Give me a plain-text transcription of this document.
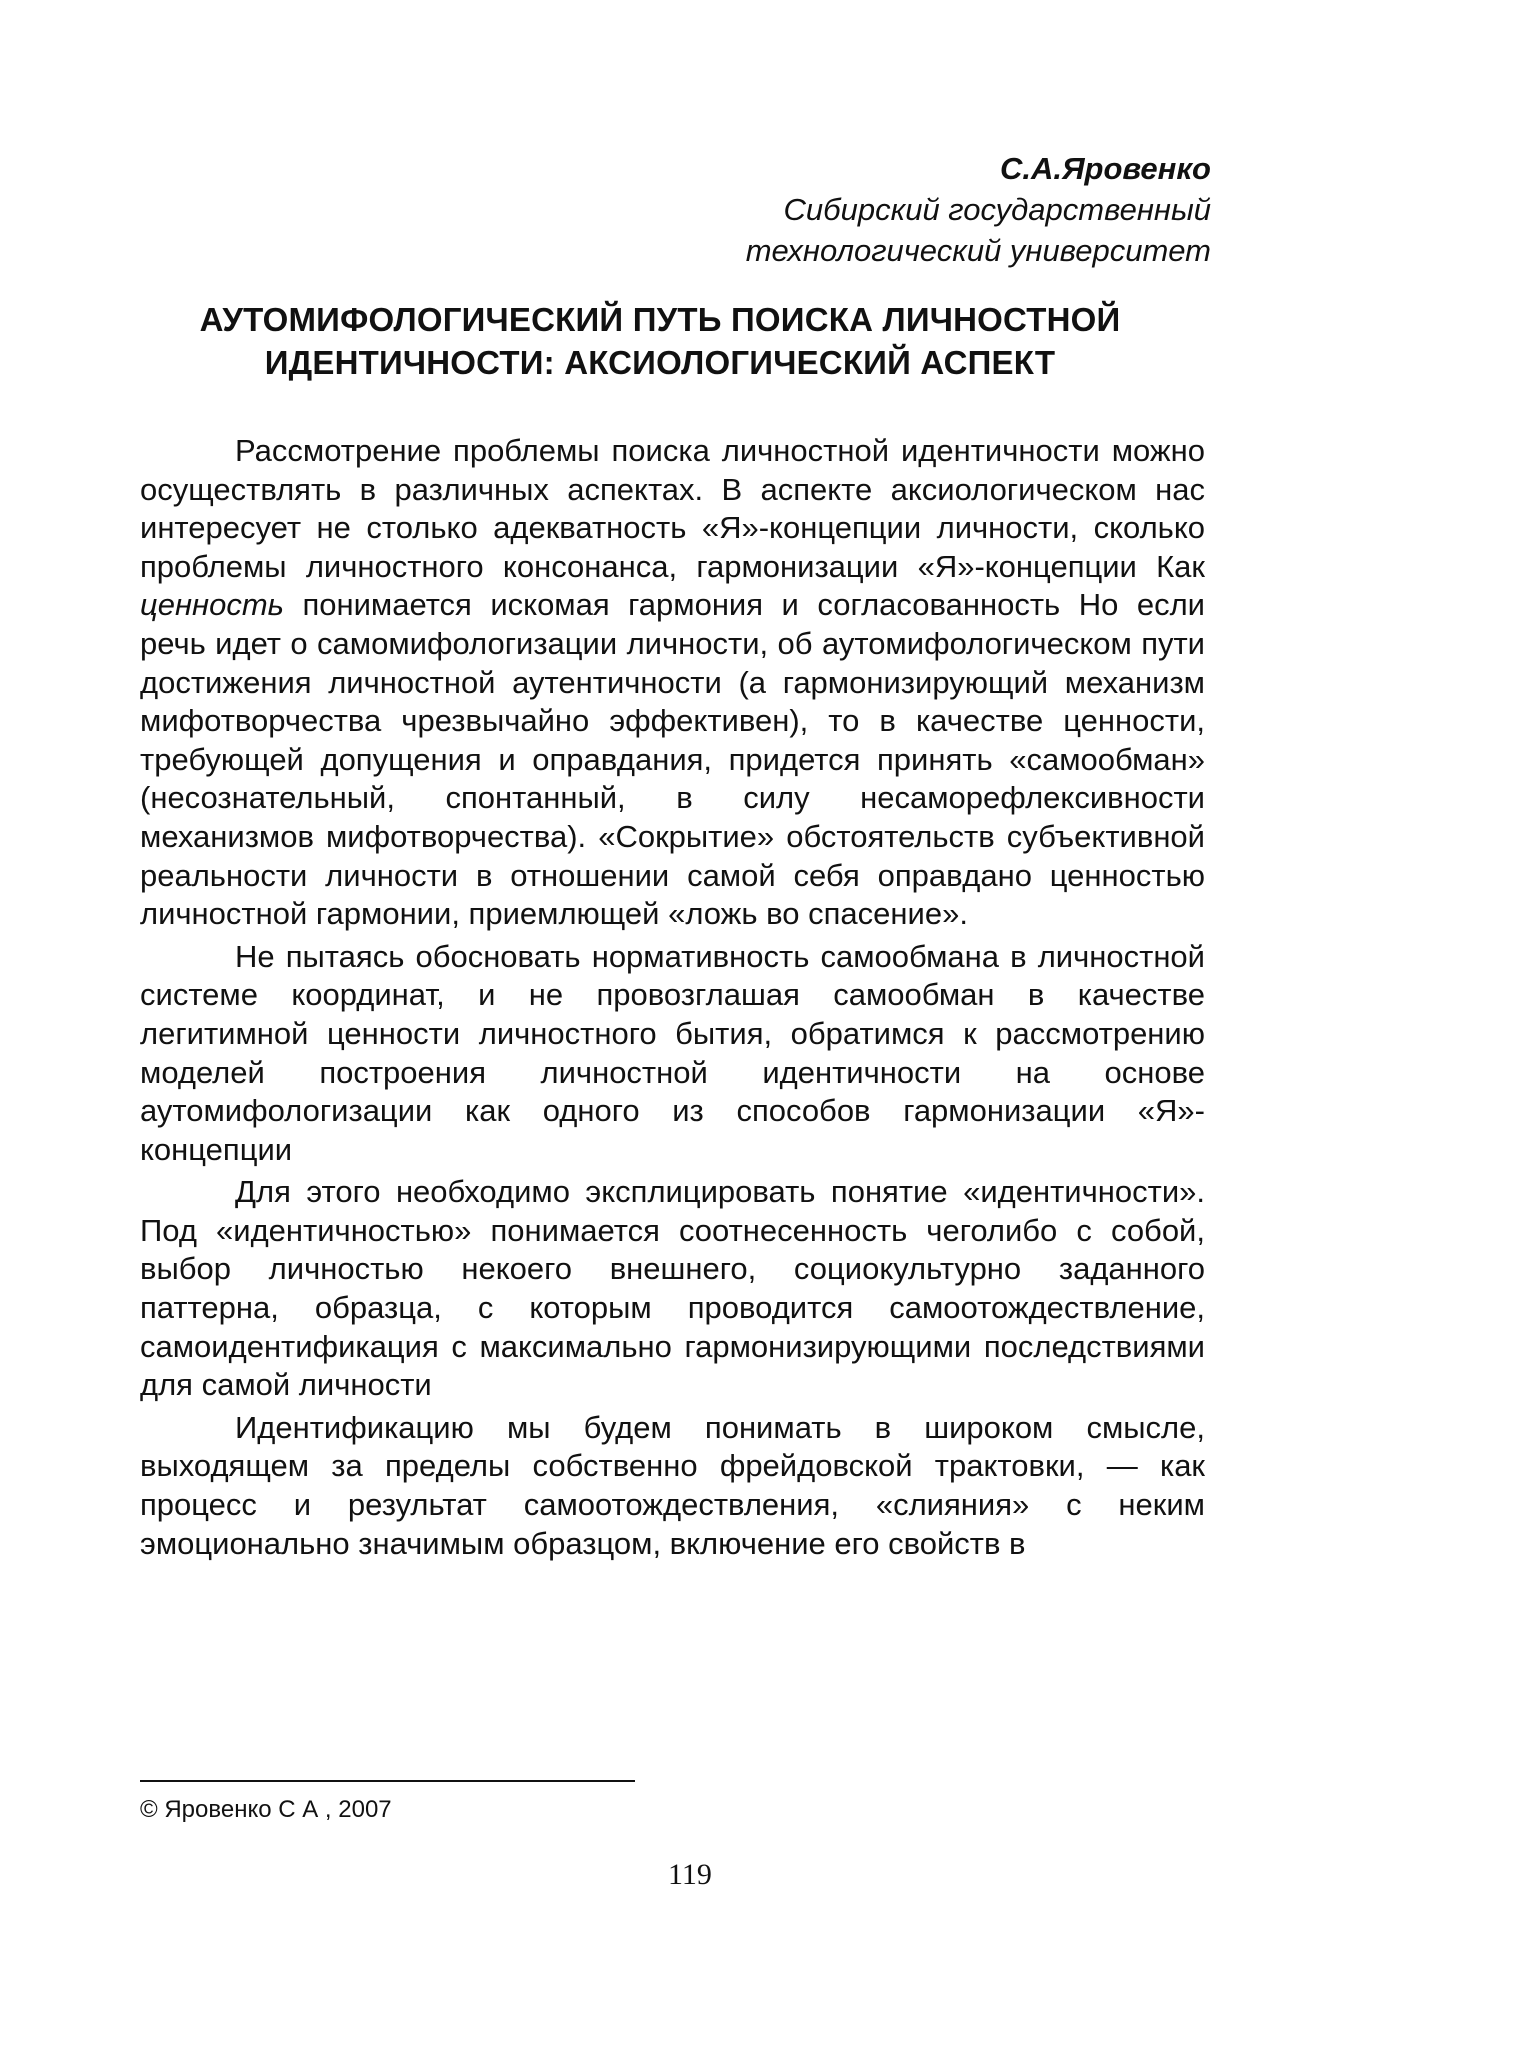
С.А.Яровенко
Сибирский государственный
технологический университет
АУТОМИФОЛОГИЧЕСКИЙ ПУТЬ ПОИСКА ЛИЧНОСТНОЙ
ИДЕНТИЧНОСТИ: АКСИОЛОГИЧЕСКИЙ АСПЕКТ

Рассмотрение проблемы поиска личностной идентичности можно осуществлять в различных аспектах. В аспекте аксиологическом нас интересует не столько адекватность «Я»-концепции личности, сколько проблемы личностного консонанса, гармонизации «Я»-концепции Как ценность понимается искомая гармония и согласованность Но если речь идет о самомифологизации личности, об аутомифологическом пути достижения личностной аутентичности (а гармонизирующий механизм мифотворчества чрезвычайно эффективен), то в качестве ценности, требующей допущения и оправдания, придется принять «самообман» (несознательный, спонтанный, в силу несаморефлексивности механизмов мифотворчества). «Сокрытие» обстоятельств субъективной реальности личности в отношении самой себя оправдано ценностью личностной гармонии, приемлющей «ложь во спасение».

Не пытаясь обосновать нормативность самообмана в личностной системе координат, и не провозглашая самообман в качестве легитимной ценности личностного бытия, обратимся к рассмотрению моделей построения личностной идентичности на основе аутомифологизации как одного из способов гармонизации «Я»-концепции

Для этого необходимо эксплицировать понятие «идентичности». Под «идентичностью» понимается соотнесенность чеголибо с собой, выбор личностью некоего внешнего, социокультурно заданного паттерна, образца, с которым проводится самоотождествление, самоидентификация с максимально гармонизирующими последствиями для самой личности

Идентификацию мы будем понимать в широком смысле, выходящем за пределы собственно фрейдовской трактовки, — как процесс и результат самоотождествления, «слияния» с неким эмоционально значимым образцом, включение его свойств в

© Яровенко С А , 2007
119
